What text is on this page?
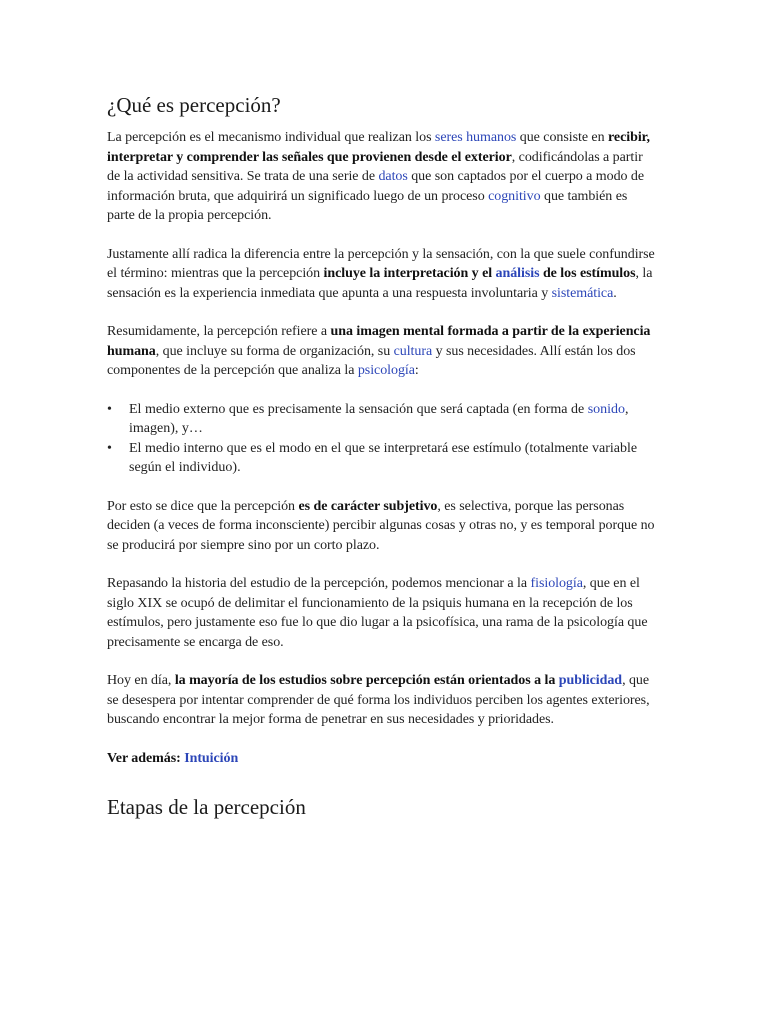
¿Qué es percepción?

La percepción es el mecanismo individual que realizan los seres humanos que consiste en recibir, interpretar y comprender las señales que provienen desde el exterior, codificándolas a partir de la actividad sensitiva. Se trata de una serie de datos que son captados por el cuerpo a modo de información bruta, que adquirirá un significado luego de un proceso cognitivo que también es parte de la propia percepción.

Justamente allí radica la diferencia entre la percepción y la sensación, con la que suele confundirse el término: mientras que la percepción incluye la interpretación y el análisis de los estímulos, la sensación es la experiencia inmediata que apunta a una respuesta involuntaria y sistemática.

Resumidamente, la percepción refiere a una imagen mental formada a partir de la experiencia humana, que incluye su forma de organización, su cultura y sus necesidades. Allí están los dos componentes de la percepción que analiza la psicología:

• El medio externo que es precisamente la sensación que será captada (en forma de sonido, imagen), y…
• El medio interno que es el modo en el que se interpretará ese estímulo (totalmente variable según el individuo).

Por esto se dice que la percepción es de carácter subjetivo, es selectiva, porque las personas deciden (a veces de forma inconsciente) percibir algunas cosas y otras no, y es temporal porque no se producirá por siempre sino por un corto plazo.

Repasando la historia del estudio de la percepción, podemos mencionar a la fisiología, que en el siglo XIX se ocupó de delimitar el funcionamiento de la psiquis humana en la recepción de los estímulos, pero justamente eso fue lo que dio lugar a la psicofísica, una rama de la psicología que precisamente se encarga de eso.

Hoy en día, la mayoría de los estudios sobre percepción están orientados a la publicidad, que se desespera por intentar comprender de qué forma los individuos perciben los agentes exteriores, buscando encontrar la mejor forma de penetrar en sus necesidades y prioridades.

Ver además: Intuición

Etapas de la percepción
